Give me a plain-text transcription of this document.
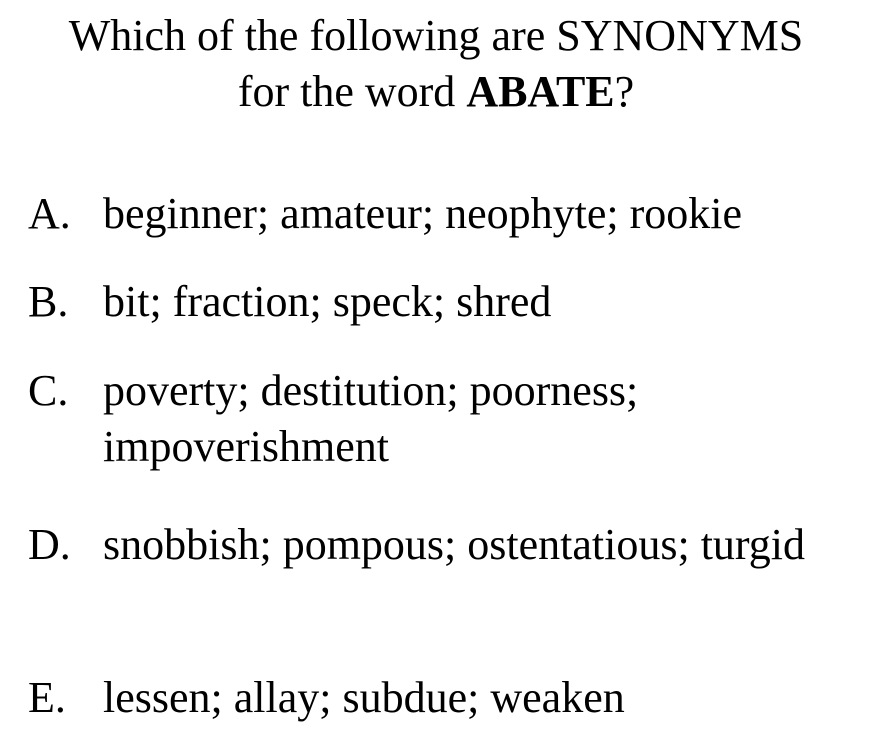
Which of the following are SYNONYMS
for the word ABATE?
A. beginner; amateur; neophyte; rookie
B. bit; fraction; speck; shred
C. poverty; destitution; poorness; impoverishment
D. snobbish; pompous; ostentatious; turgid
E. lessen; allay; subdue; weaken
